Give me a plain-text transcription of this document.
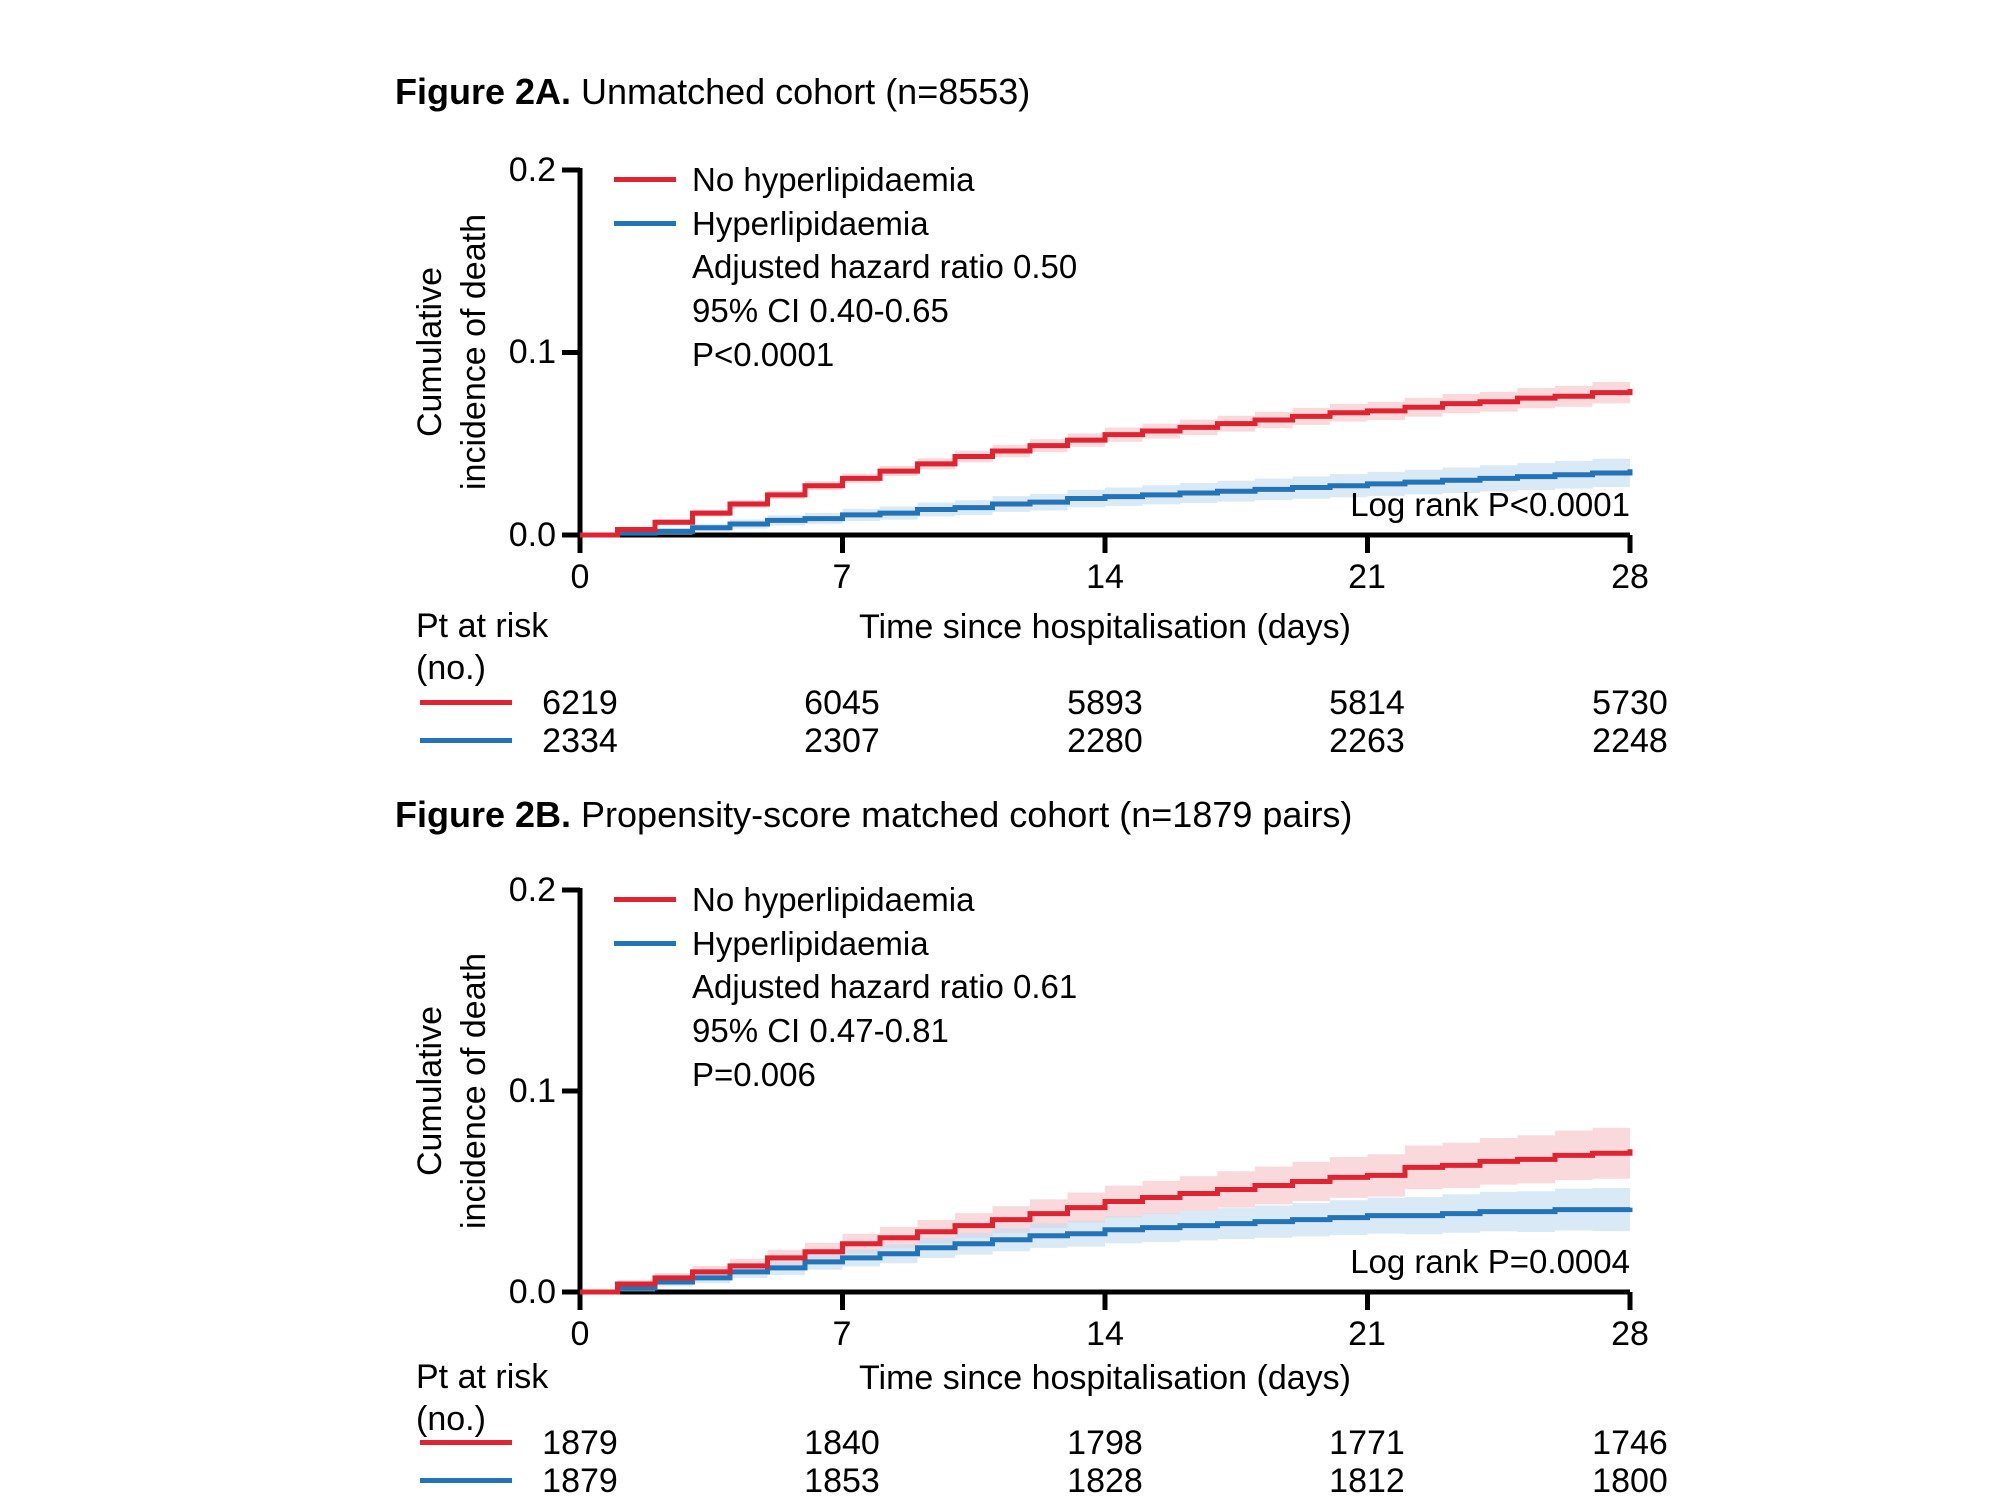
Figure 2A. Unmatched cohort (n=8553)
Cumulative incidence of death
0.2
0.1
0.0
No hyperlipidaemia
Hyperlipidaemia
Adjusted hazard ratio 0.50
95% CI 0.40-0.65
P<0.0001
Log rank P<0.0001
0	7	14	21	28
Time since hospitalisation (days)
Pt at risk
(no.)
6219	6045	5893	5814	5730
2334	2307	2280	2263	2248
Figure 2B. Propensity-score matched cohort (n=1879 pairs)
Cumulative incidence of death
0.2
0.1
0.0
No hyperlipidaemia
Hyperlipidaemia
Adjusted hazard ratio 0.61
95% CI 0.47-0.81
P=0.006
Log rank P=0.0004
0	7	14	21	28
Time since hospitalisation (days)
Pt at risk
(no.)
1879	1840	1798	1771	1746
1879	1853	1828	1812	1800
